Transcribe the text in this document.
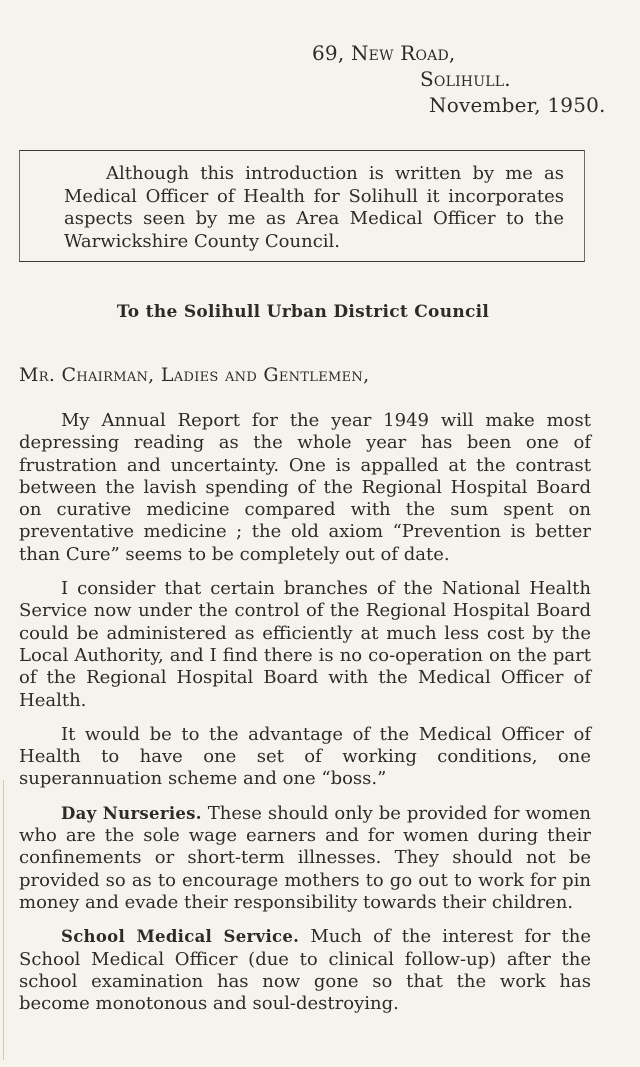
69, New Road,
Solihull.
November, 1950.
Although this introduction is written by me as Medical Officer of Health for Solihull it incorporates aspects seen by me as Area Medical Officer to the Warwickshire County Council.
To the Solihull Urban District Council
Mr. Chairman, Ladies and Gentlemen,

My Annual Report for the year 1949 will make most depressing reading as the whole year has been one of frustration and uncertainty. One is appalled at the contrast between the lavish spending of the Regional Hospital Board on curative medicine compared with the sum spent on preventative medicine ; the old axiom “Prevention is better than Cure” seems to be completely out of date.

I consider that certain branches of the National Health Service now under the control of the Regional Hospital Board could be administered as efficiently at much less cost by the Local Authority, and I find there is no co-operation on the part of the Regional Hospital Board with the Medical Officer of Health.

It would be to the advantage of the Medical Officer of Health to have one set of working conditions, one superannuation scheme and one “boss.”

Day Nurseries. These should only be provided for women who are the sole wage earners and for women during their confinements or short-term illnesses. They should not be provided so as to encourage mothers to go out to work for pin money and evade their responsibility towards their children.

School Medical Service. Much of the interest for the School Medical Officer (due to clinical follow-up) after the school examination has now gone so that the work has become monotonous and soul-destroying.
